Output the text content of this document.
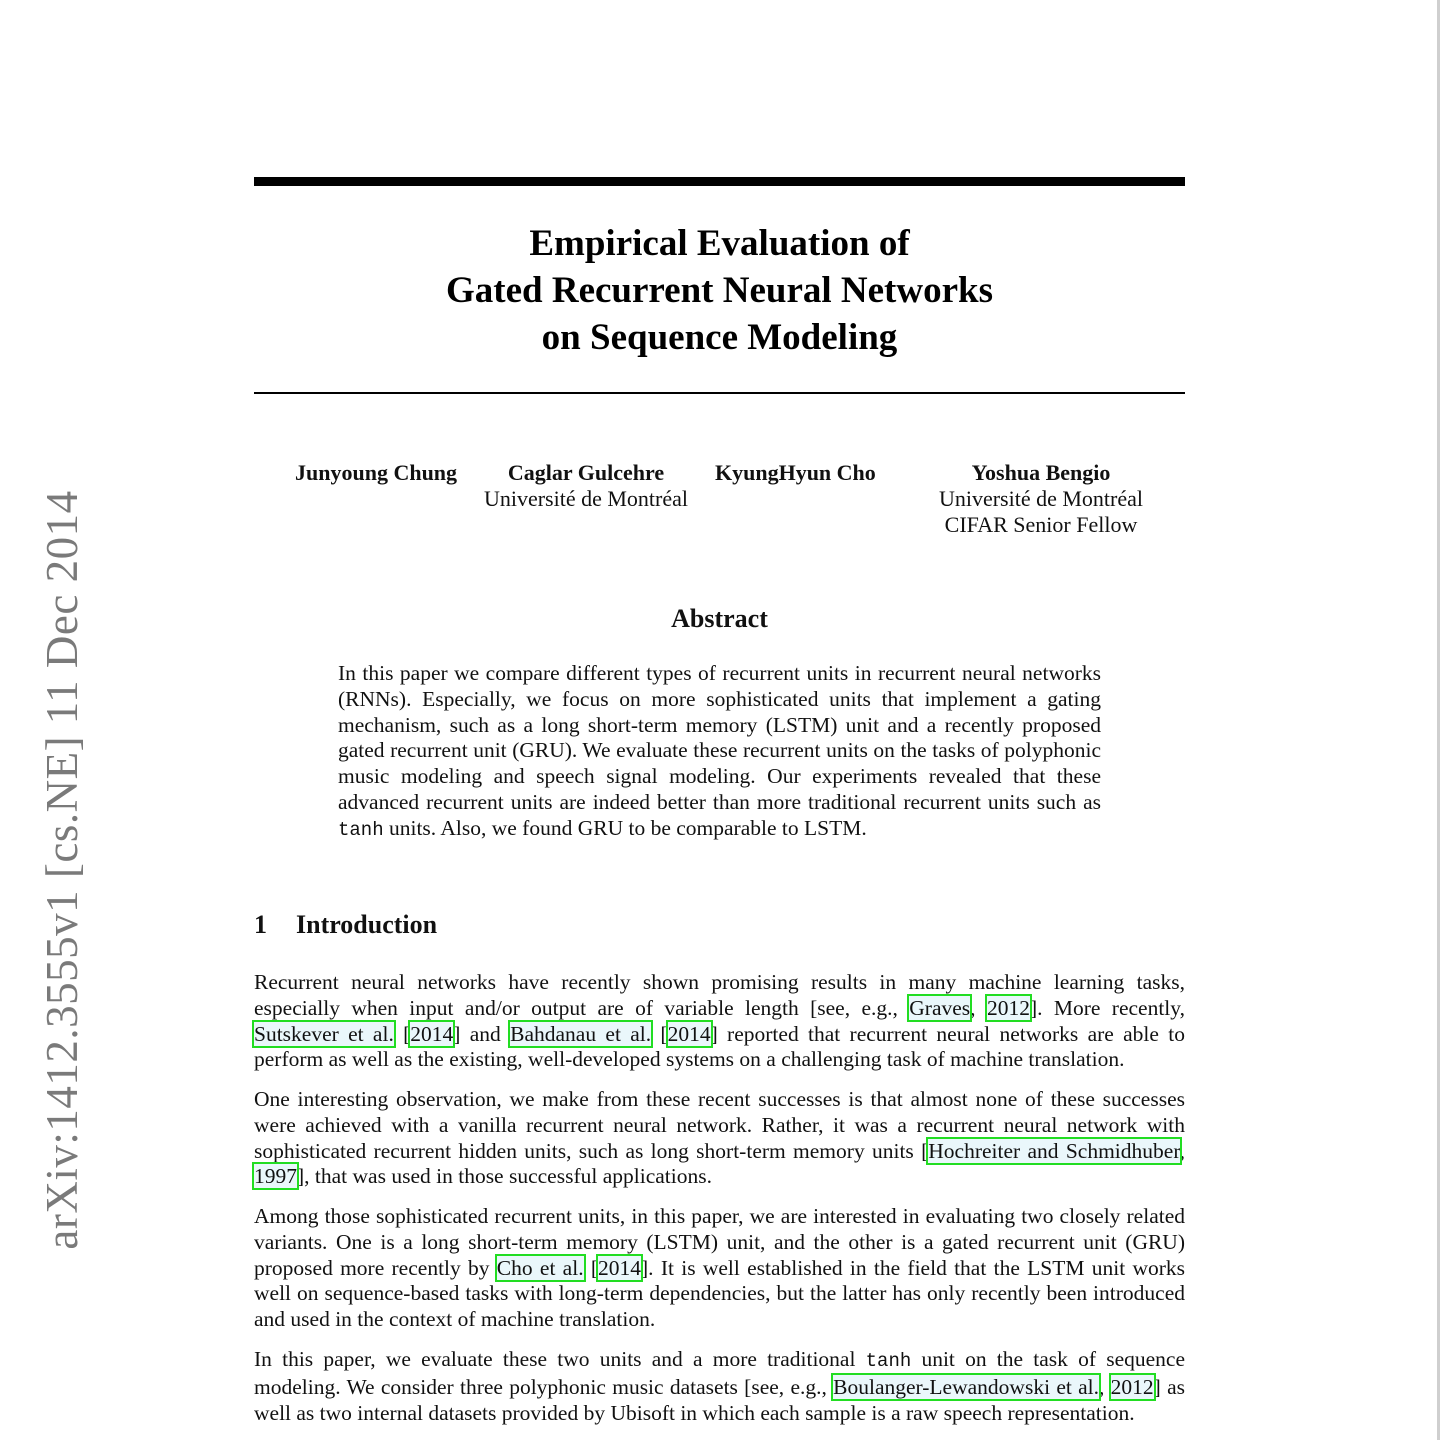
arXiv:1412.3555v1 [cs.NE] 11 Dec 2014
Empirical Evaluation of
Gated Recurrent Neural Networks
on Sequence Modeling
Junyoung Chung	Caglar Gulcehre
Université de Montréal
KyungHyun Cho	Yoshua Bengio
Université de Montréal
CIFAR Senior Fellow
Abstract
In this paper we compare different types of recurrent units in recurrent neural networks (RNNs). Especially, we focus on more sophisticated units that implement a gating mechanism, such as a long short-term memory (LSTM) unit and a recently proposed gated recurrent unit (GRU). We evaluate these recurrent units on the tasks of polyphonic music modeling and speech signal modeling. Our experiments revealed that these advanced recurrent units are indeed better than more traditional recurrent units such as tanh units. Also, we found GRU to be comparable to LSTM.
1 Introduction

Recurrent neural networks have recently shown promising results in many machine learning tasks, especially when input and/or output are of variable length [see, e.g., Graves, 2012]. More recently, Sutskever et al. [2014] and Bahdanau et al. [2014] reported that recurrent neural networks are able to perform as well as the existing, well-developed systems on a challenging task of machine translation.

One interesting observation, we make from these recent successes is that almost none of these successes were achieved with a vanilla recurrent neural network. Rather, it was a recurrent neural network with sophisticated recurrent hidden units, such as long short-term memory units [Hochreiter and Schmidhuber, 1997], that was used in those successful applications.

Among those sophisticated recurrent units, in this paper, we are interested in evaluating two closely related variants. One is a long short-term memory (LSTM) unit, and the other is a gated recurrent unit (GRU) proposed more recently by Cho et al. [2014]. It is well established in the field that the LSTM unit works well on sequence-based tasks with long-term dependencies, but the latter has only recently been introduced and used in the context of machine translation.

In this paper, we evaluate these two units and a more traditional tanh unit on the task of sequence modeling. We consider three polyphonic music datasets [see, e.g., Boulanger-Lewandowski et al., 2012] as well as two internal datasets provided by Ubisoft in which each sample is a raw speech representation.
